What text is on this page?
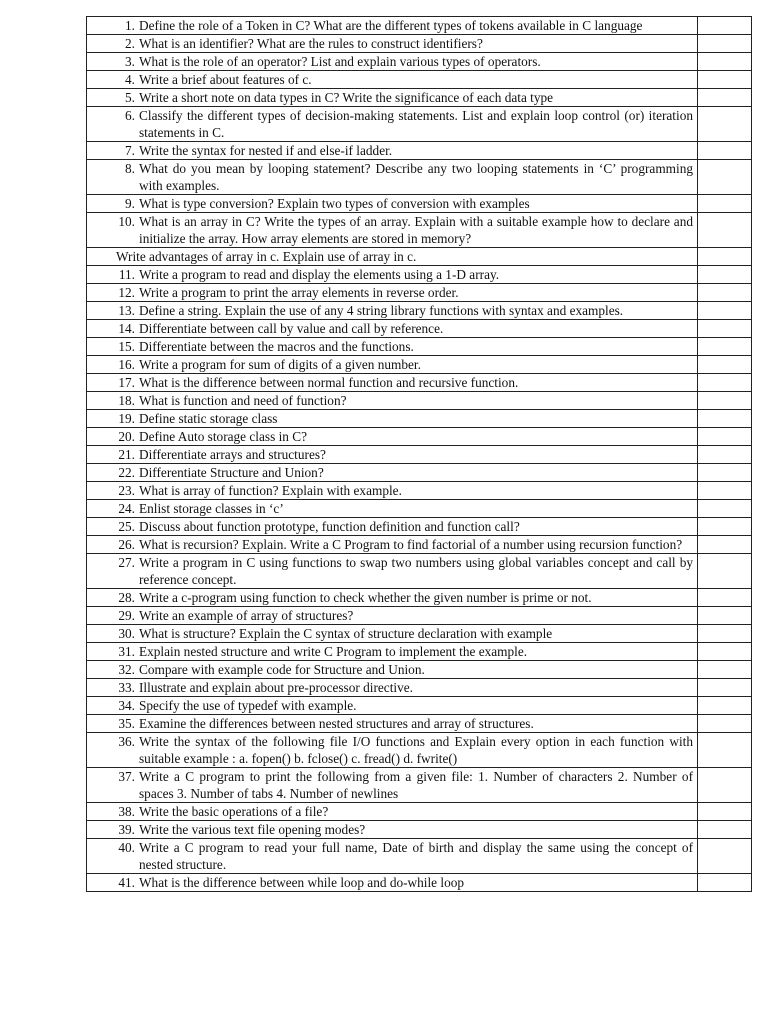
1. Define the role of a Token in C? What are the different types of tokens available in C language	

2. What is an identifier? What are the rules to construct identifiers?	

3. What is the role of an operator? List and explain various types of operators.	

4. Write a brief about features of c.	

5. Write a short note on data types in C? Write the significance of each data type	

6. Classify the different types of decision-making statements. List and explain loop control (or) iteration statements in C.	

7. Write the syntax for nested if and else-if ladder.	

8. What do you mean by looping statement? Describe any two looping statements in ‘C’ programming with examples.	

9. What is type conversion? Explain two types of conversion with examples	

10. What is an array in C? Write the types of an array. Explain with a suitable example how to declare and initialize the array. How array elements are stored in memory?	

Write advantages of array in c. Explain use of array in c.	

11. Write a program to read and display the elements using a 1-D array.	

12. Write a program to print the array elements in reverse order.	

13. Define a string. Explain the use of any 4 string library functions with syntax and examples.	

14. Differentiate between call by value and call by reference.	

15. Differentiate between the macros and the functions.	

16. Write a program for sum of digits of a given number.	

17. What is the difference between normal function and recursive function.	

18. What is function and need of function?	

19. Define static storage class	

20. Define Auto storage class in C?	

21. Differentiate arrays and structures?	

22. Differentiate Structure and Union?	

23. What is array of function? Explain with example.	

24. Enlist storage classes in ‘c’	

25. Discuss about function prototype, function definition and function call?	

26. What is recursion? Explain. Write a C Program to find factorial of a number using recursion function?	

27. Write a program in C using functions to swap two numbers using global variables concept and call by reference concept.	

28. Write a c-program using function to check whether the given number is prime or not.	

29. Write an example of array of structures?	

30. What is structure? Explain the C syntax of structure declaration with example	

31. Explain nested structure and write C Program to implement the example.	

32. Compare with example code for Structure and Union.	

33. Illustrate and explain about pre-processor directive.	

34. Specify the use of typedef with example.	

35. Examine the differences between nested structures and array of structures.	

36. Write the syntax of the following file I/O functions and Explain every option in each function with suitable example : a. fopen() b. fclose() c. fread() d. fwrite()	

37. Write a C program to print the following from a given file: 1. Number of characters 2. Number of spaces 3. Number of tabs 4. Number of newlines	

38. Write the basic operations of a file?	

39. Write the various text file opening modes?	

40. Write a C program to read your full name, Date of birth and display the same using the concept of nested structure.	

41. What is the difference between while loop and do-while loop	
